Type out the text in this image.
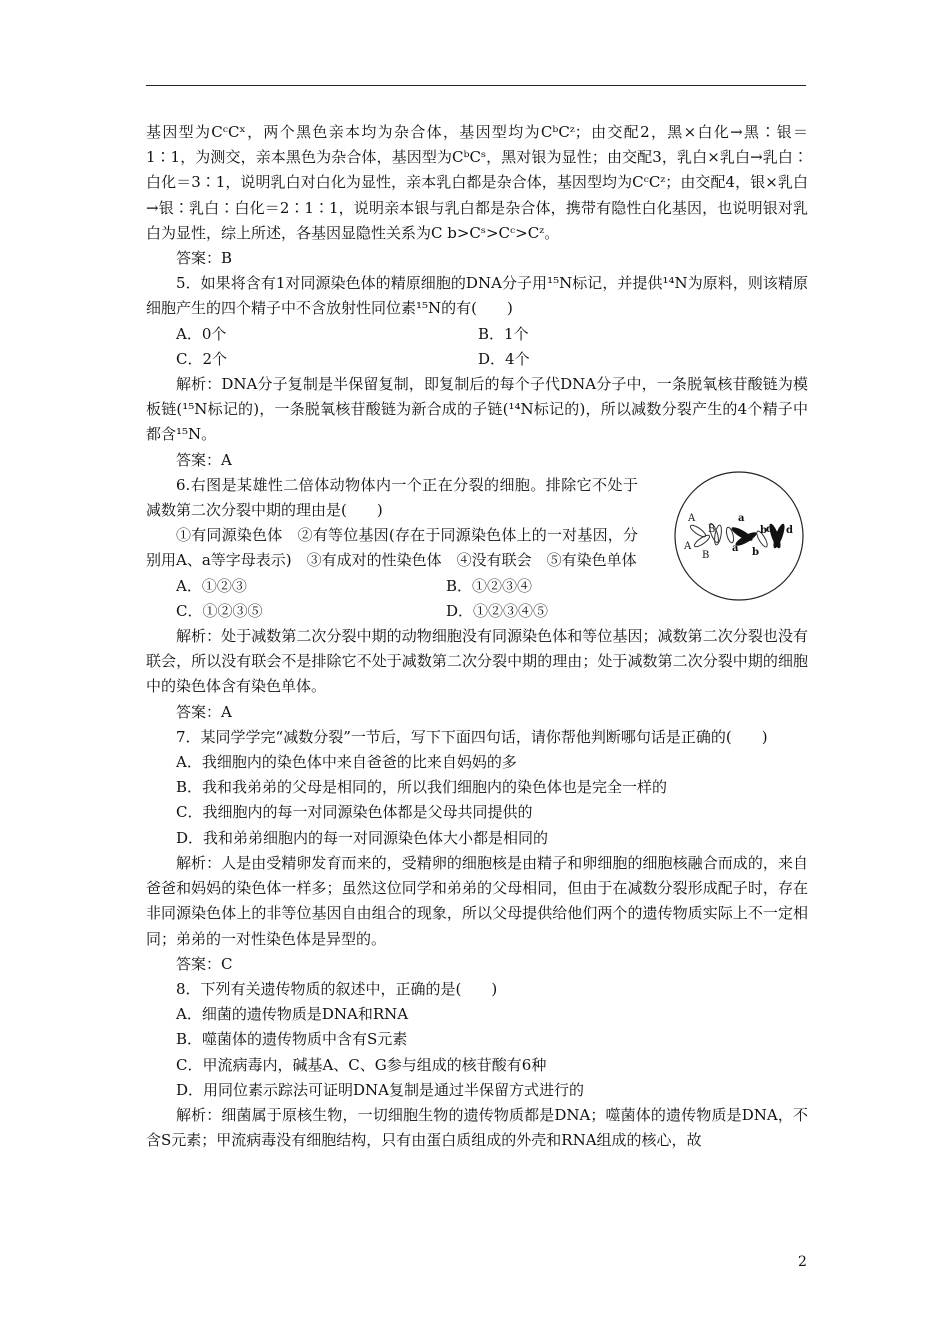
基因型为CᶜCˣ，两个黑色亲本均为杂合体，基因型均为CᵇCᶻ；由交配2，黑×白化→黑∶银＝1∶1，为测交，亲本黑色为杂合体，基因型为CᵇCˢ，黑对银为显性；由交配3，乳白×乳白→乳白∶白化＝3∶1，说明乳白对白化为显性，亲本乳白都是杂合体，基因型均为CᶜCᶻ；由交配4，银×乳白→银∶乳白∶白化＝2∶1∶1，说明亲本银与乳白都是杂合体，携带有隐性白化基因，也说明银对乳白为显性，综上所述，各基因显隐性关系为C b>Cˢ>Cᶜ>Cᶻ。

答案：B

5．如果将含有1对同源染色体的精原细胞的DNA分子用¹⁵N标记，并提供¹⁴N为原料，则该精原细胞产生的四个精子中不含放射性同位素¹⁵N的有(　　)

A．0个	B．1个
C．2个	D．4个

解析：DNA分子复制是半保留复制，即复制后的每个子代DNA分子中，一条脱氧核苷酸链为模板链(¹⁵N标记的)，一条脱氧核苷酸链为新合成的子链(¹⁴N标记的)，所以减数分裂产生的4个精子中都含¹⁵N。

答案：A

6.右图是某雄性二倍体动物体内一个正在分裂的细胞。排除它不处于减数第二次分裂中期的理由是(　　)

①有同源染色体　②有等位基因(存在于同源染色体上的一对基因，分别用A、a等字母表示)　③有成对的性染色体　④没有联会　⑤有染色单体

A．①②③	B．①②③④
C．①②③⑤	D．①②③④⑤

解析：处于减数第二次分裂中期的动物细胞没有同源染色体和等位基因；减数第二次分裂也没有联会，所以没有联会不是排除它不处于减数第二次分裂中期的理由；处于减数第二次分裂中期的细胞中的染色体含有染色单体。

答案：A

7．某同学学完“减数分裂”一节后，写下下面四句话，请你帮他判断哪句话是正确的(　　)

A．我细胞内的染色体中来自爸爸的比来自妈妈的多

B．我和我弟弟的父母是相同的，所以我们细胞内的染色体也是完全一样的

C．我细胞内的每一对同源染色体都是父母共同提供的

D．我和弟弟细胞内的每一对同源染色体大小都是相同的

解析：人是由受精卵发育而来的，受精卵的细胞核是由精子和卵细胞的细胞核融合而成的，来自爸爸和妈妈的染色体一样多；虽然这位同学和弟弟的父母相同，但由于在减数分裂形成配子时，存在非同源染色体上的非等位基因自由组合的现象，所以父母提供给他们两个的遗传物质实际上不一定相同；弟弟的一对性染色体是异型的。

答案：C

8．下列有关遗传物质的叙述中，正确的是(　　)

A．细菌的遗传物质是DNA和RNA

B．噬菌体的遗传物质中含有S元素

C．甲流病毒内，碱基A、C、G参与组成的核苷酸有6种

D．用同位素示踪法可证明DNA复制是通过半保留方式进行的

解析：细菌属于原核生物，一切细胞生物的遗传物质都是DNA；噬菌体的遗传物质是DNA，不含S元素；甲流病毒没有细胞结构，只有由蛋白质组成的外壳和RNA组成的核心，故

A
A
B
B
a
a
b
b
d d
2
